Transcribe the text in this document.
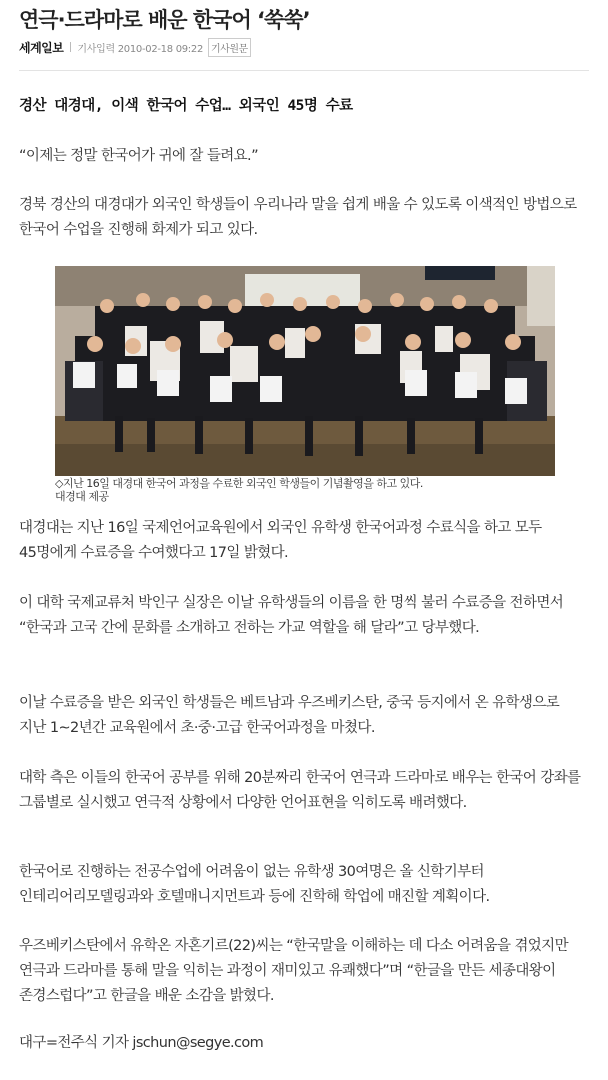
연극·드라마로 배운 한국어 ‘쑥쑥’
세계일보 기사입력 2010-02-18 09:22 기사원문
경산 대경대, 이색 한국어 수업… 외국인 45명 수료

“이제는 정말 한국어가 귀에 잘 들려요.”

경북 경산의 대경대가 외국인 학생들이 우리나라 말을 쉽게 배울 수 있도록 이색적인 방법으로 한국어 수업을 진행해 화제가 되고 있다.

◇지난 16일 대경대 한국어 과정을 수료한 외국인 학생들이 기념촬영을 하고 있다.
대경대 제공

대경대는 지난 16일 국제언어교육원에서 외국인 유학생 한국어과정 수료식을 하고 모두 45명에게 수료증을 수여했다고 17일 밝혔다.

이 대학 국제교류처 박인구 실장은 이날 유학생들의 이름을 한 명씩 불러 수료증을 전하면서 “한국과 고국 간에 문화를 소개하고 전하는 가교 역할을 해 달라”고 당부했다.

이날 수료증을 받은 외국인 학생들은 베트남과 우즈베키스탄, 중국 등지에서 온 유학생으로 지난 1∼2년간 교육원에서 초·중·고급 한국어과정을 마쳤다.

대학 측은 이들의 한국어 공부를 위해 20분짜리 한국어 연극과 드라마로 배우는 한국어 강좌를 그룹별로 실시했고 연극적 상황에서 다양한 언어표현을 익히도록 배려했다.

한국어로 진행하는 전공수업에 어려움이 없는 유학생 30여명은 올 신학기부터 인테리어리모델링과와 호텔매니지먼트과 등에 진학해 학업에 매진할 계획이다.

우즈베키스탄에서 유학온 자혼기르(22)씨는 “한국말을 이해하는 데 다소 어려움을 겪었지만 연극과 드라마를 통해 말을 익히는 과정이 재미있고 유쾌했다”며 “한글을 만든 세종대왕이 존경스럽다”고 한글을 배운 소감을 밝혔다.

대구=전주식 기자 jschun@segye.com
